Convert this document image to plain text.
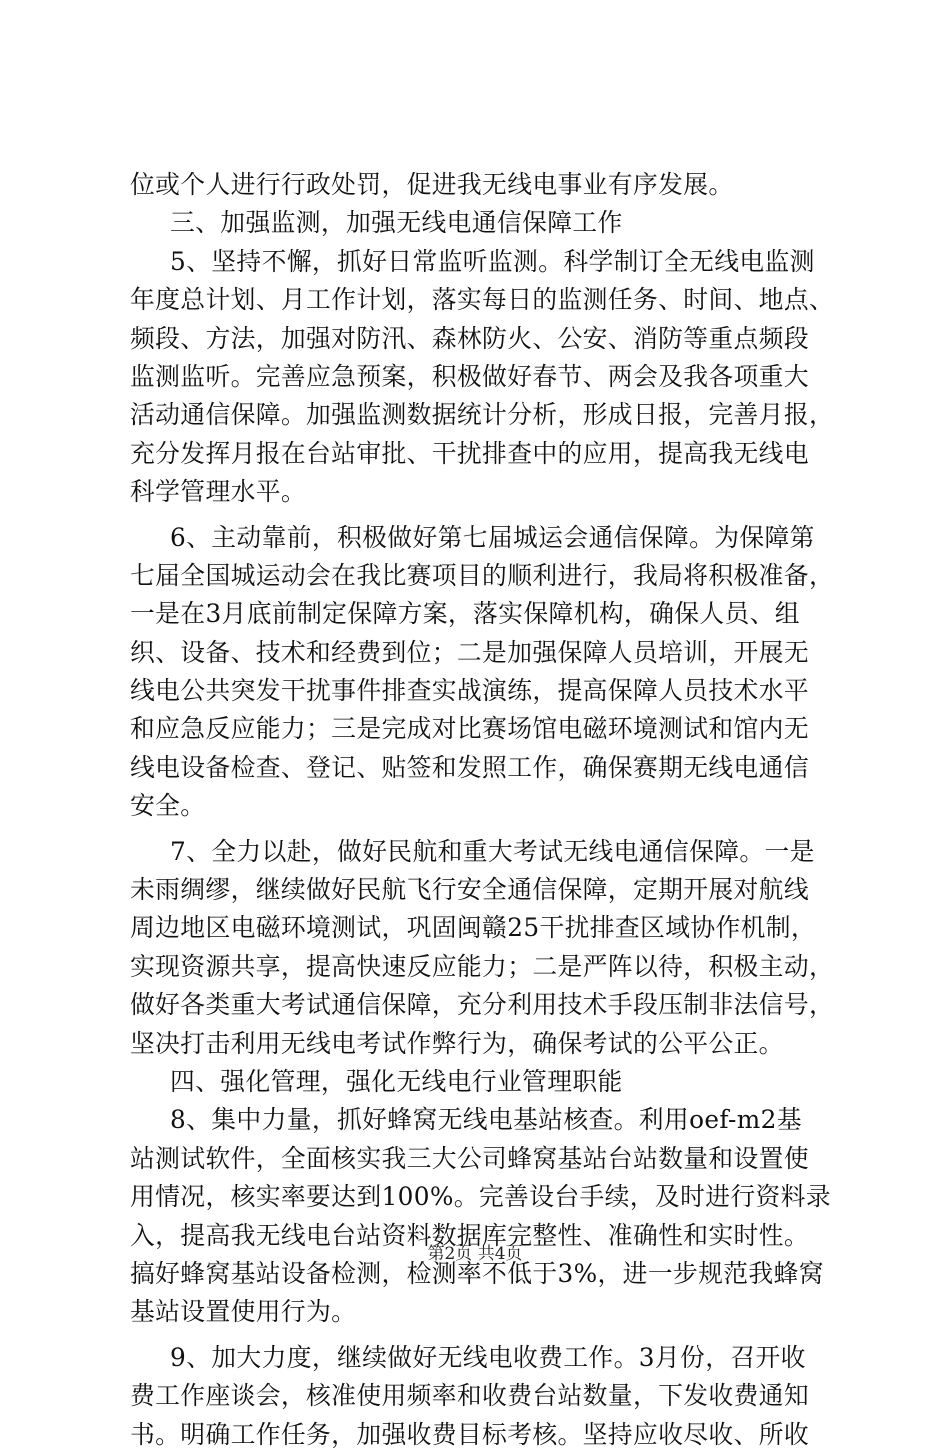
位或个人进行行政处罚，促进我无线电事业有序发展。
三、加强监测，加强无线电通信保障工作
5、坚持不懈，抓好日常监听监测。科学制订全无线电监测
年度总计划、月工作计划，落实每日的监测任务、时间、地点、
频段、方法，加强对防汛、森林防火、公安、消防等重点频段
监测监听。完善应急预案，积极做好春节、两会及我各项重大
活动通信保障。加强监测数据统计分析，形成日报，完善月报，
充分发挥月报在台站审批、干扰排查中的应用，提高我无线电
科学管理水平。
6、主动靠前，积极做好第七届城运会通信保障。为保障第
七届全国城运动会在我比赛项目的顺利进行，我局将积极准备，
一是在3月底前制定保障方案，落实保障机构，确保人员、组
织、设备、技术和经费到位；二是加强保障人员培训，开展无
线电公共突发干扰事件排查实战演练，提高保障人员技术水平
和应急反应能力；三是完成对比赛场馆电磁环境测试和馆内无
线电设备检查、登记、贴签和发照工作，确保赛期无线电通信
安全。
7、全力以赴，做好民航和重大考试无线电通信保障。一是
未雨绸缪，继续做好民航飞行安全通信保障，定期开展对航线
周边地区电磁环境测试，巩固闽赣25干扰排查区域协作机制，
实现资源共享，提高快速反应能力；二是严阵以待，积极主动，
做好各类重大考试通信保障，充分利用技术手段压制非法信号，
坚决打击利用无线电考试作弊行为，确保考试的公平公正。
四、强化管理，强化无线电行业管理职能
8、集中力量，抓好蜂窝无线电基站核查。利用oef-m2基
站测试软件，全面核实我三大公司蜂窝基站台站数量和设置使
用情况，核实率要达到100%。完善设台手续，及时进行资料录
入，提高我无线电台站资料数据库完整性、准确性和实时性。
搞好蜂窝基站设备检测，检测率不低于3%，进一步规范我蜂窝
基站设置使用行为。
9、加大力度，继续做好无线电收费工作。3月份，召开收
费工作座谈会，核准使用频率和收费台站数量，下发收费通知
书。明确工作任务，加强收费目标考核。坚持应收尽收、所收
第2页 共4页
